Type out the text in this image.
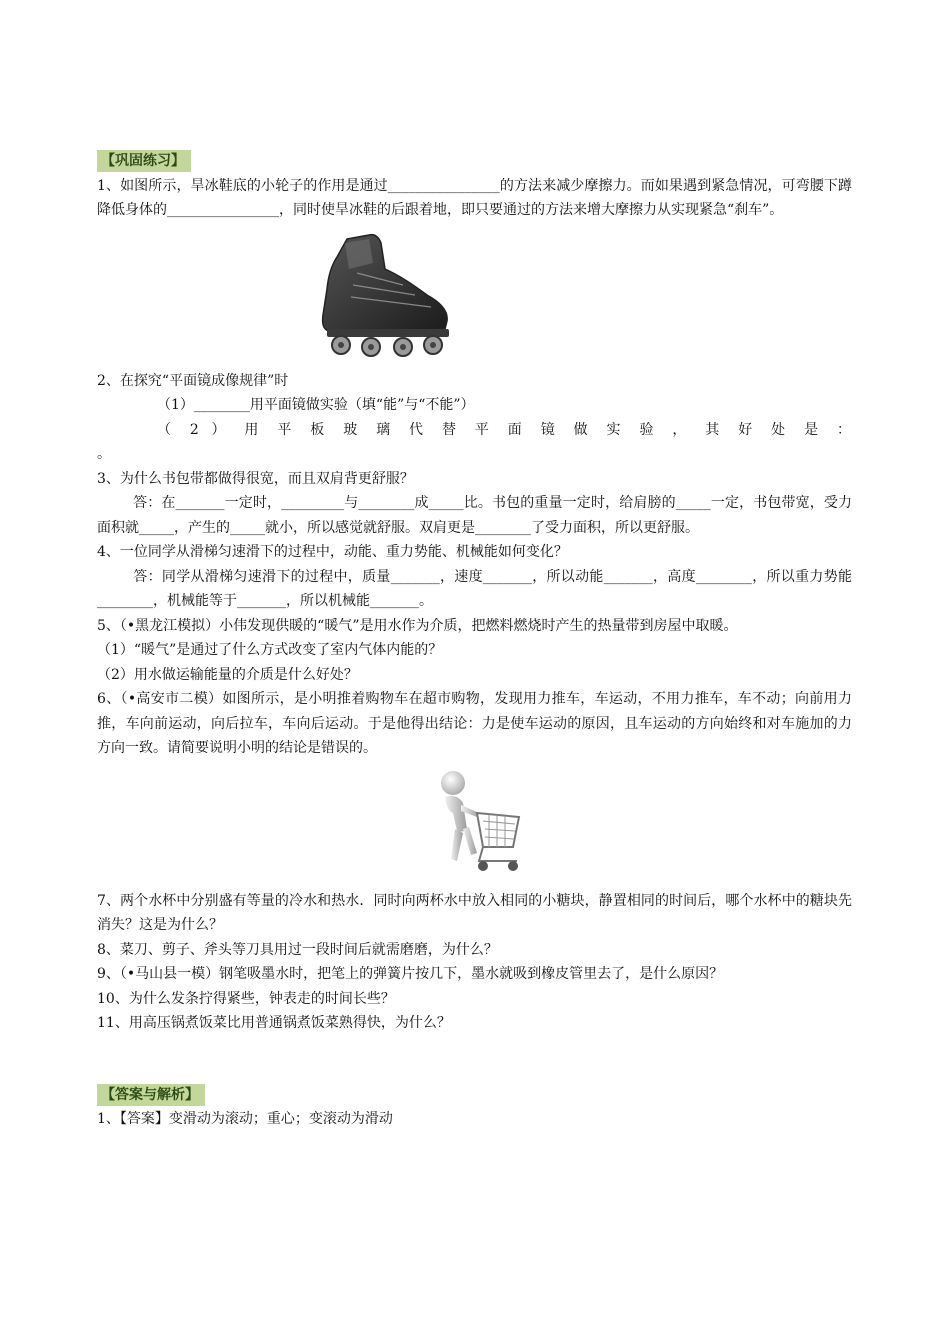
【巩固练习】

1、如图所示，旱冰鞋底的小轮子的作用是通过________________的方法来减少摩擦力。而如果遇到紧急情况，可弯腰下蹲降低身体的________________，同时使旱冰鞋的后跟着地，即只要通过的方法来增大摩擦力从实现紧急“刹车”。

2、在探究“平面镜成像规律”时

（1）________用平面镜做实验（填“能”与“不能”）

（ 2 ） 用 平 板 玻 璃 代 替 平 面 镜 做 实 验 ， 其 好 处 是 ：

。

3、为什么书包带都做得很宽，而且双肩背更舒服？

答：在_______一定时，_________与________成_____比。书包的重量一定时，给肩膀的_____一定，书包带宽，受力面积就_____，产生的_____就小，所以感觉就舒服。双肩更是________了受力面积，所以更舒服。

4、一位同学从滑梯匀速滑下的过程中，动能、重力势能、机械能如何变化？

答：同学从滑梯匀速滑下的过程中，质量_______，速度_______，所以动能_______，高度________，所以重力势能________，机械能等于_______，所以机械能_______。

5、（•黑龙江模拟）小伟发现供暖的“暖气”是用水作为介质，把燃料燃烧时产生的热量带到房屋中取暖。

（1）“暖气”是通过了什么方式改变了室内气体内能的？

（2）用水做运输能量的介质是什么好处？

6、（•高安市二模）如图所示，是小明推着购物车在超市购物，发现用力推车，车运动，不用力推车，车不动；向前用力推，车向前运动，向后拉车，车向后运动。于是他得出结论：力是使车运动的原因，且车运动的方向始终和对车施加的力方向一致。请简要说明小明的结论是错误的。

7、两个水杯中分别盛有等量的冷水和热水．同时向两杯水中放入相同的小糖块，静置相同的时间后，哪个水杯中的糖块先消失？这是为什么？

8、菜刀、剪子、斧头等刀具用过一段时间后就需磨磨，为什么？

9、（•马山县一模）钢笔吸墨水时，把笔上的弹簧片按几下，墨水就吸到橡皮管里去了，是什么原因？

10、为什么发条拧得紧些，钟表走的时间长些？

11、用高压锅煮饭菜比用普通锅煮饭菜熟得快，为什么？

【答案与解析】

1、【答案】变滑动为滚动；重心；变滚动为滑动
